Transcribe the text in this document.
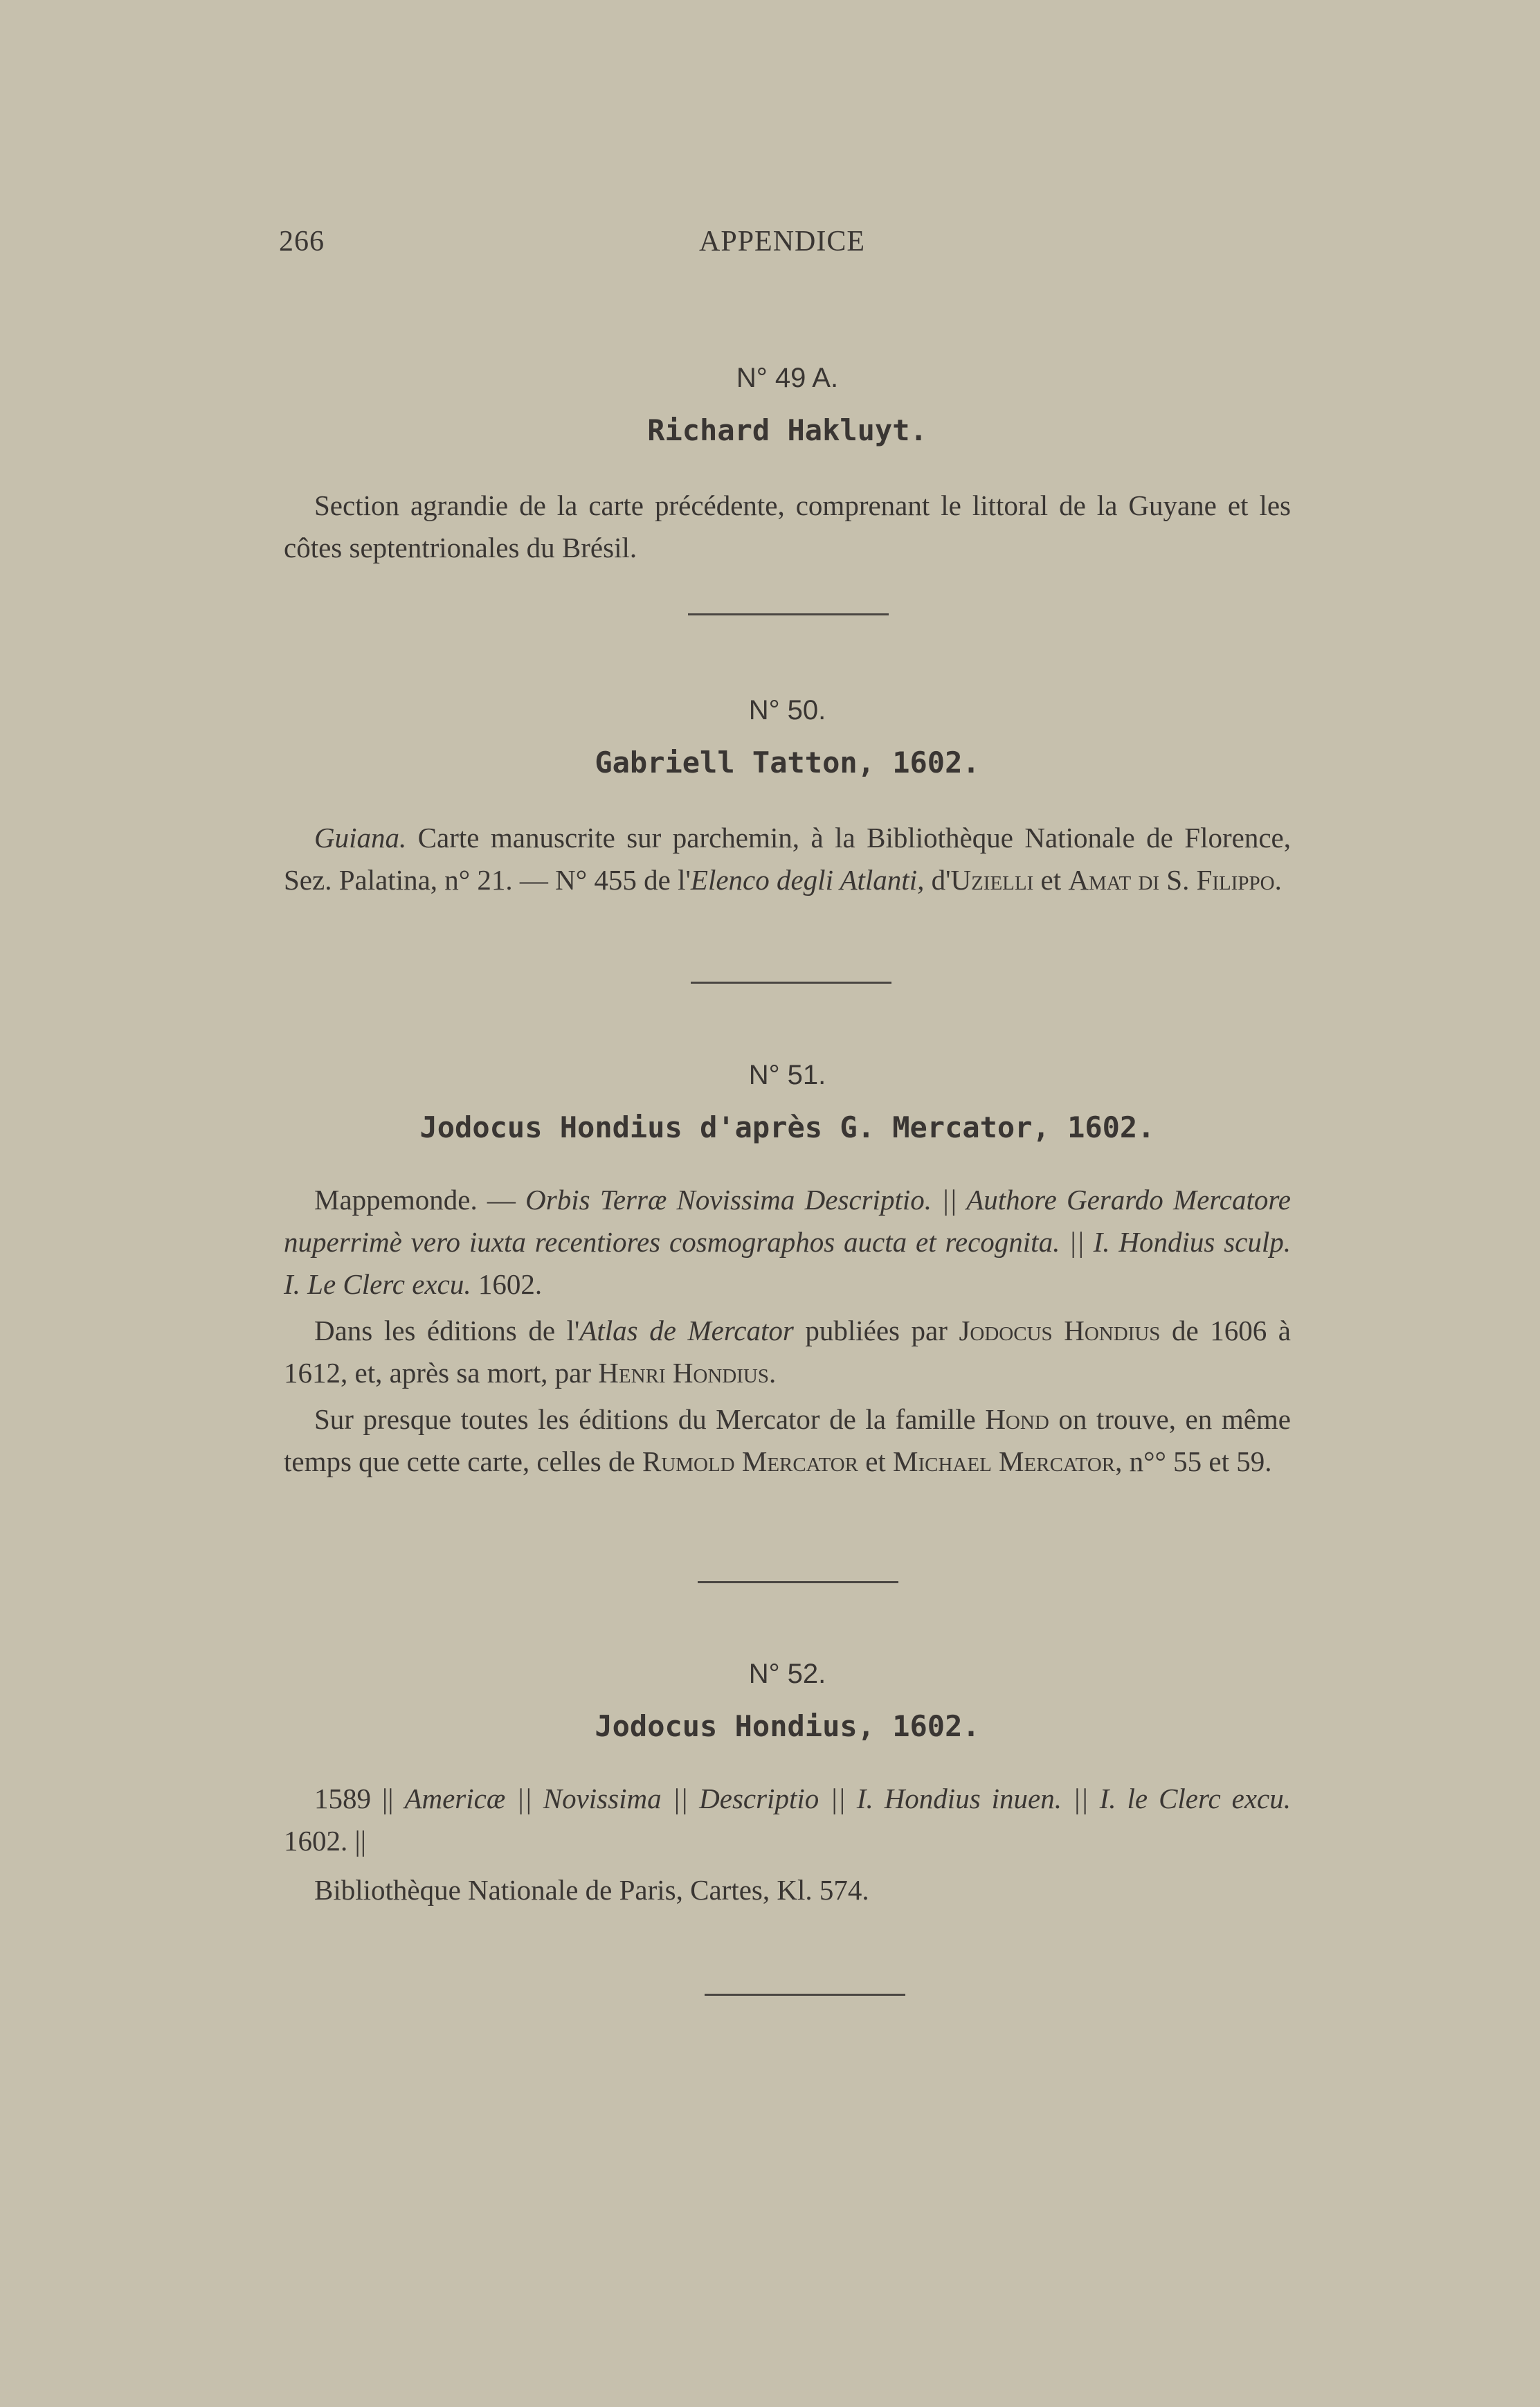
266	APPENDICE
N° 49 A.
Richard Hakluyt.

Section agrandie de la carte précédente, comprenant le littoral de la Guyane et les côtes septentrionales du Brésil.

N° 50.
Gabriell Tatton, 1602.

Guiana. Carte manuscrite sur parchemin, à la Bibliothèque Nationale de Florence, Sez. Palatina, n° 21. — N° 455 de l'Elenco degli Atlanti, d'Uzielli et Amat di S. Filippo.

N° 51.
Jodocus Hondius d'après G. Mercator, 1602.

Mappemonde. — Orbis Terræ Novissima Descriptio. || Authore Gerardo Mercatore nuperrimè vero iuxta recentiores cosmographos aucta et recognita. || I. Hondius sculp. I. Le Clerc excu. 1602.

Dans les éditions de l'Atlas de Mercator publiées par Jodocus Hondius de 1606 à 1612, et, après sa mort, par Henri Hondius.

Sur presque toutes les éditions du Mercator de la famille Hond on trouve, en même temps que cette carte, celles de Rumold Mercator et Michael Mercator, n°° 55 et 59.

N° 52.
Jodocus Hondius, 1602.

1589 || Americæ || Novissima || Descriptio || I. Hondius inuen. || I. le Clerc excu. 1602. ||

Bibliothèque Nationale de Paris, Cartes, Kl. 574.
